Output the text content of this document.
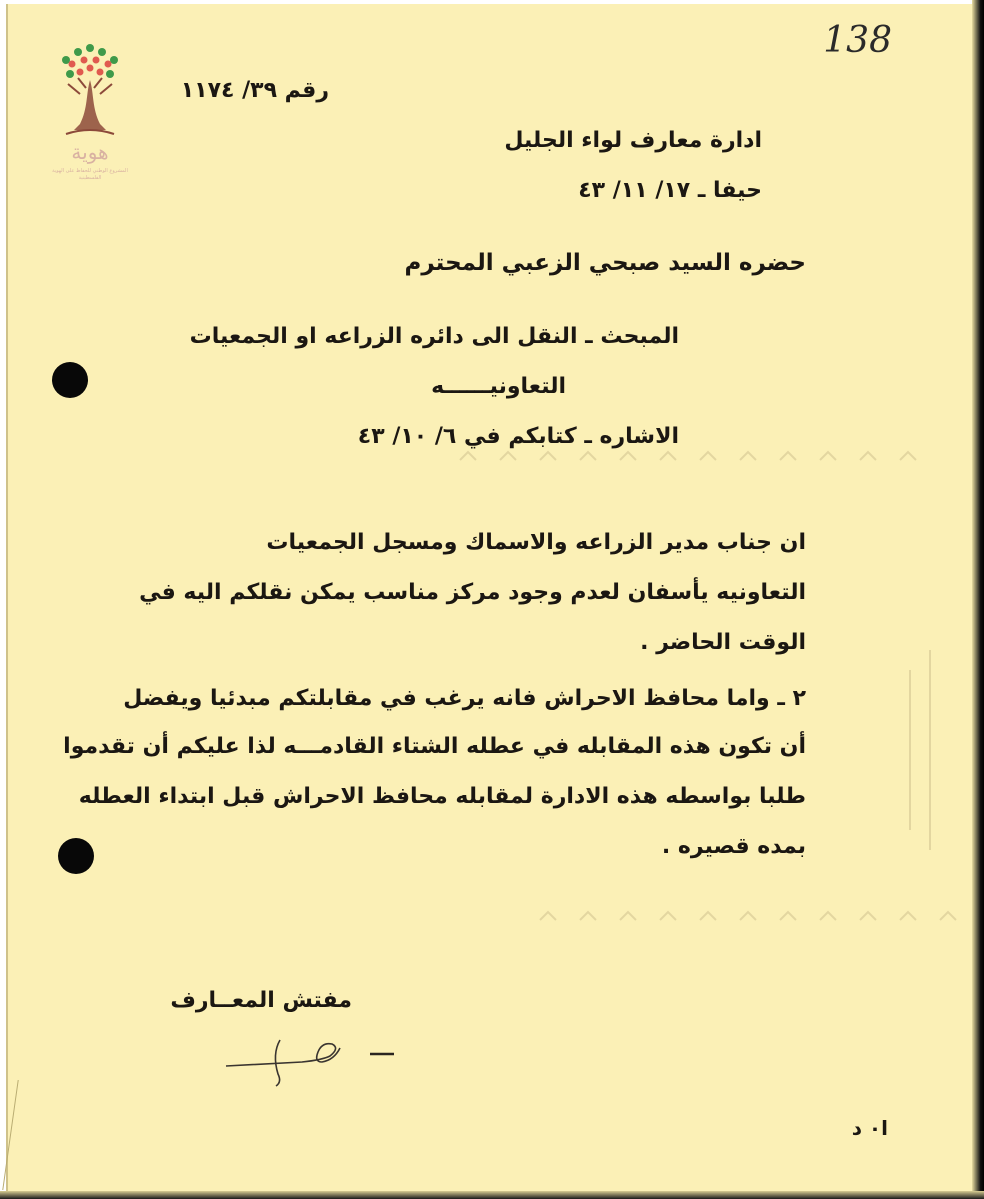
هوية
المشروع الوطني للحفاظ على الهوية الفلسطينية
138
رقم ٣٩/ ١١٧٤
ادارة معارف لواء الجليل
حيفا ـ ١٧/ ١١/ ٤٣
حضره السيد صبحي الزعبي المحترم
المبحث ـ النقل الى دائره الزراعه او الجمعيات
التعاونيــــــه
الاشاره ـ كتابكم في ٦/ ١٠/ ٤٣
ان جناب مدير الزراعه والاسماك ومسجل الجمعيات
التعاونيه يأسفان لعدم وجود مركز مناسب يمكن نقلكم اليه في
الوقت الحاضر .
٢ ـ واما محافظ الاحراش فانه يرغب في مقابلتكم مبدئيا ويفضل
أن تكون هذه المقابله في عطله الشتاء القادمـــه لذا عليكم أن تقدموا
طلبا بواسطه هذه الادارة لمقابله محافظ الاحراش قبل ابتداء العطله
بمده قصيره .
مفتش المعــارف
ا٠ د
